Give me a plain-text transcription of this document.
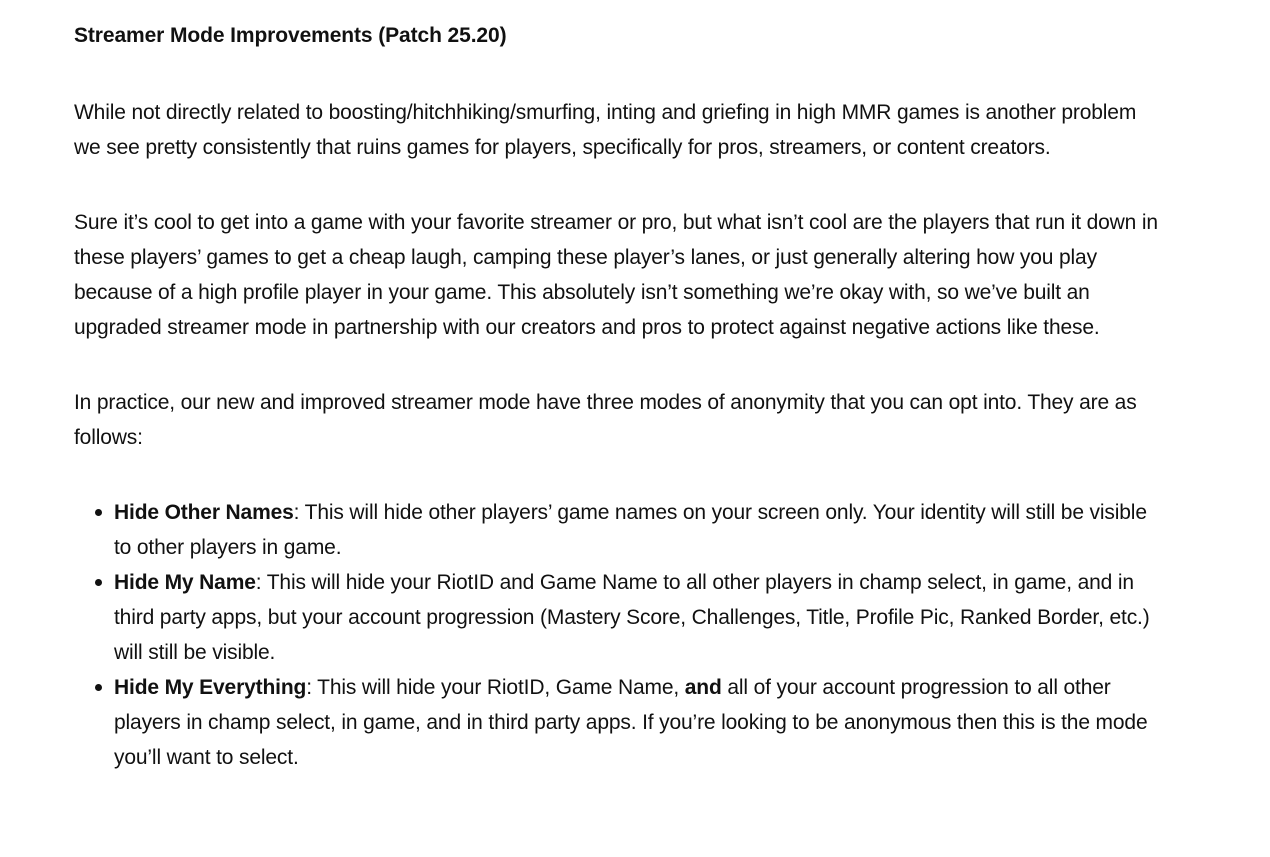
Streamer Mode Improvements (Patch 25.20)

While not directly related to boosting/hitchhiking/smurfing, inting and griefing in high MMR games is another problem we see pretty consistently that ruins games for players, specifically for pros, streamers, or content creators.

Sure it’s cool to get into a game with your favorite streamer or pro, but what isn’t cool are the players that run it down in these players’ games to get a cheap laugh, camping these player’s lanes, or just generally altering how you play because of a high profile player in your game. This absolutely isn’t something we’re okay with, so we’ve built an upgraded streamer mode in partnership with our creators and pros to protect against negative actions like these.

In practice, our new and improved streamer mode have three modes of anonymity that you can opt into. They are as follows:

Hide Other Names: This will hide other players’ game names on your screen only. Your identity will still be visible to other players in game.
Hide My Name: This will hide your RiotID and Game Name to all other players in champ select, in game, and in third party apps, but your account progression (Mastery Score, Challenges, Title, Profile Pic, Ranked Border, etc.) will still be visible.
Hide My Everything: This will hide your RiotID, Game Name, and all of your account progression to all other players in champ select, in game, and in third party apps. If you’re looking to be anonymous then this is the mode you’ll want to select.
